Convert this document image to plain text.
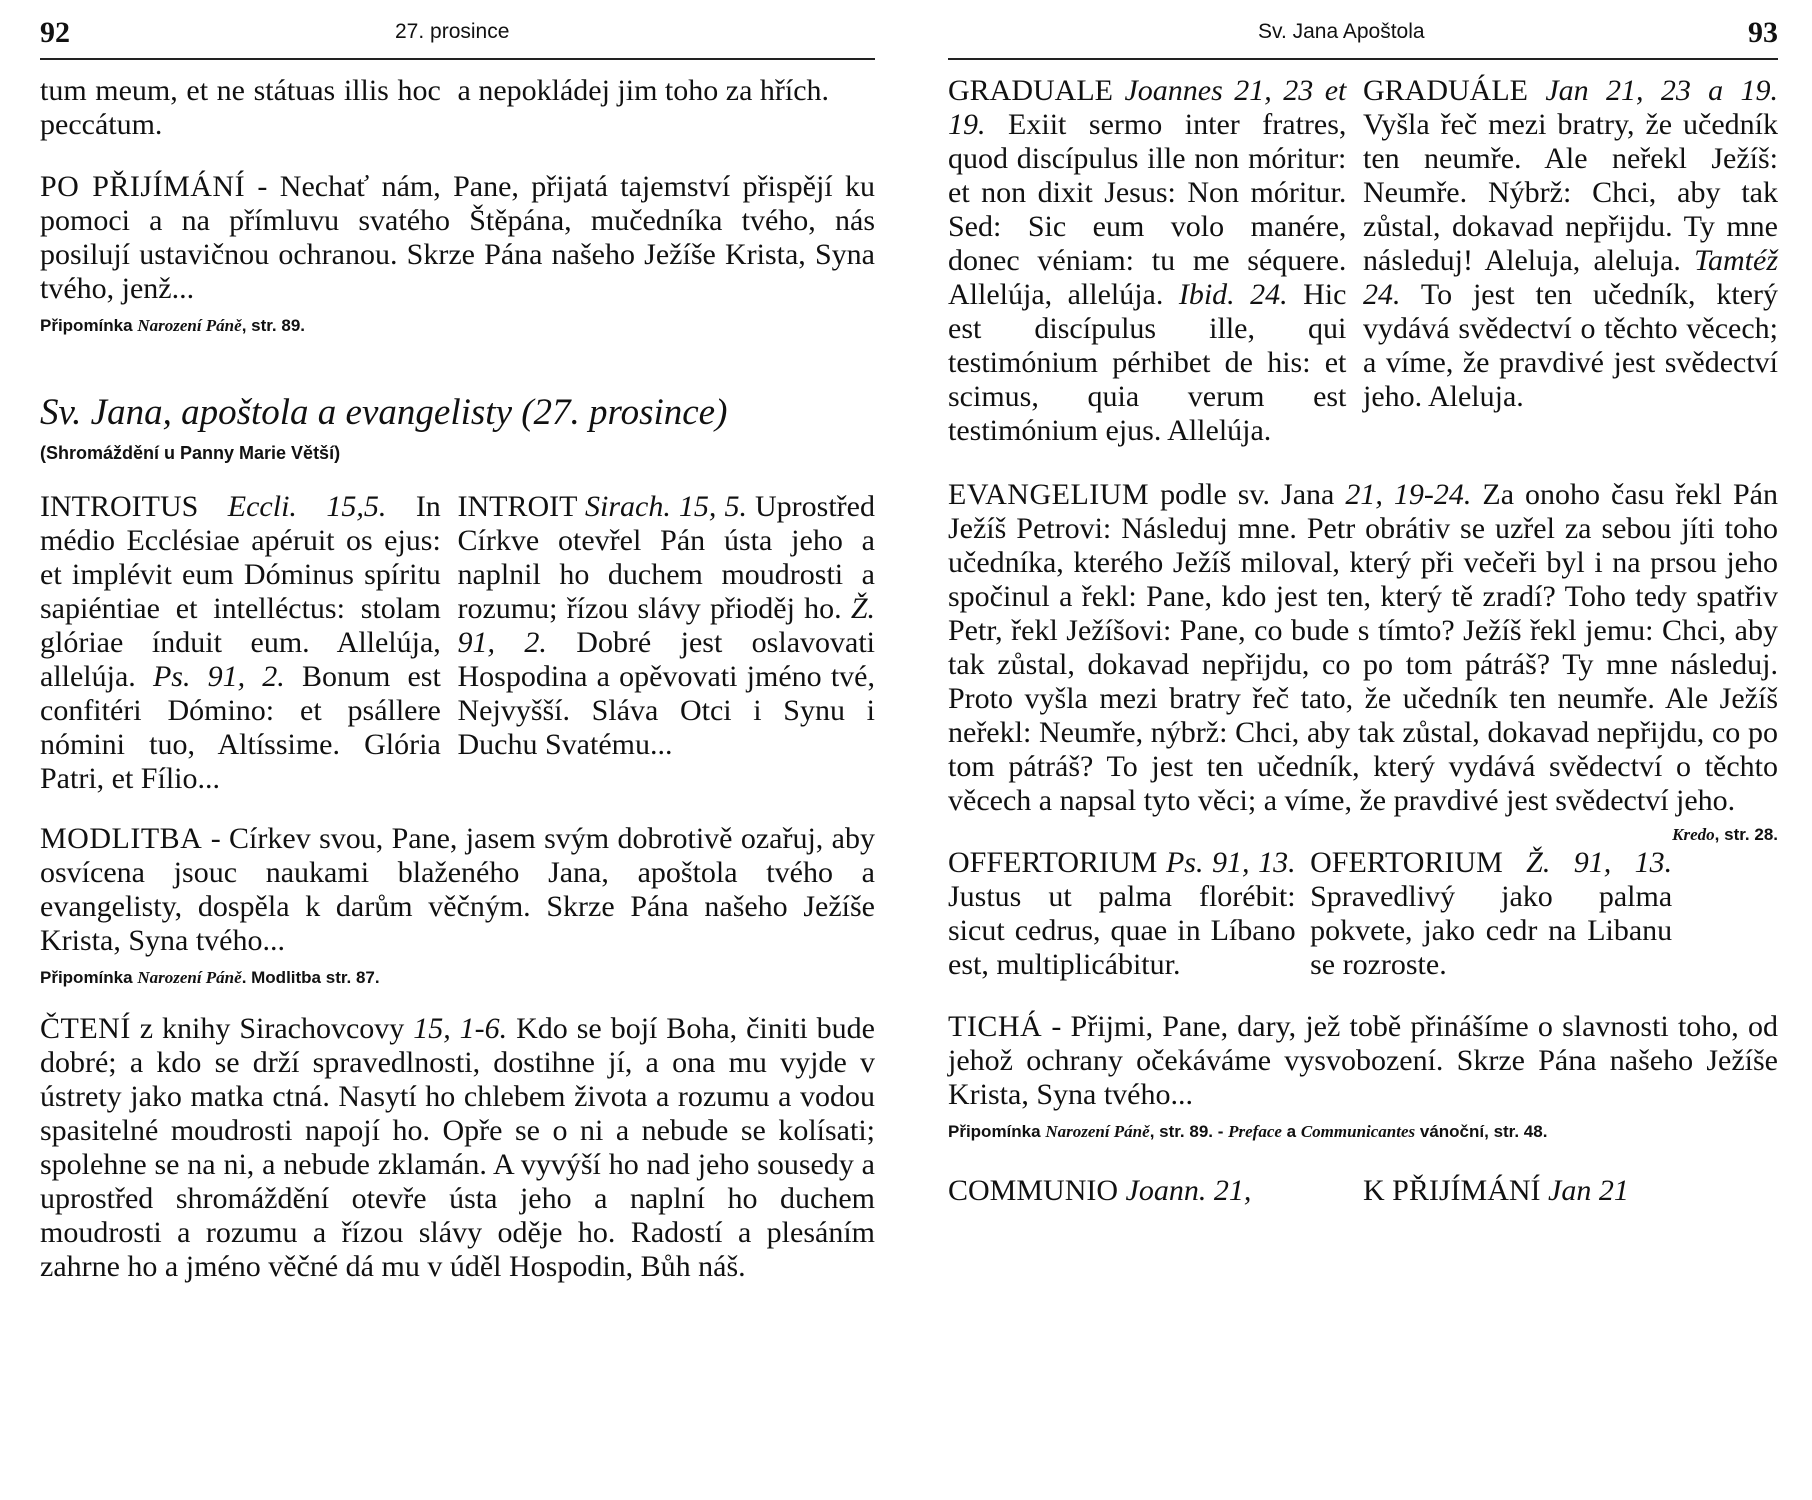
92	27. prosince
tum meum, et ne státuas illis hoc peccátum.
a nepokládej jim toho za hřích.
PO PŘIJÍMÁNÍ - Nechať nám, Pane, přijatá tajemství přispějí ku pomoci a na přímluvu svatého Štěpána, mučedníka tvého, nás posilují ustavičnou ochranou. Skrze Pána našeho Ježíše Krista, Syna tvého, jenž...
Připomínka Narození Páně, str. 89.
Sv. Jana, apoštola a evangelisty (27. prosince)
(Shromáždění u Panny Marie Větší)
INTROITUS Eccli. 15,5. In médio Ecclésiae apéruit os ejus: et implévit eum Dóminus spíritu sapiéntiae et intelléctus: stolam glóriae índuit eum. Allelúja, allelúja. Ps. 91, 2. Bonum est confitéri Dómino: et psállere nómini tuo, Altíssime. Glória Patri, et Fílio...
INTROIT Sirach. 15, 5. Uprostřed Církve otevřel Pán ústa jeho a naplnil ho duchem moudrosti a rozumu; řízou slávy přioděj ho. Ž. 91, 2. Dobré jest oslavovati Hospodina a opěvovati jméno tvé, Nejvyšší. Sláva Otci i Synu i Duchu Svatému...
MODLITBA - Církev svou, Pane, jasem svým dobrotivě ozařuj, aby osvícena jsouc naukami blaženého Jana, apoštola tvého a evangelisty, dospěla k darům věčným. Skrze Pána našeho Ježíše Krista, Syna tvého...
Připomínka Narození Páně. Modlitba str. 87.
ČTENÍ z knihy Sirachovcovy 15, 1-6. Kdo se bojí Boha, činiti bude dobré; a kdo se drží spravedlnosti, dostihne jí, a ona mu vyjde v ústrety jako matka ctná. Nasytí ho chlebem života a rozumu a vodou spasitelné moudrosti napojí ho. Opře se o ni a nebude se kolísati; spolehne se na ni, a nebude zklamán. A vyvýší ho nad jeho sousedy a uprostřed shromáždění otevře ústa jeho a naplní ho duchem moudrosti a rozumu a řízou slávy oděje ho. Radostí a plesáním zahrne ho a jméno věčné dá mu v úděl Hospodin, Bůh náš.
Sv. Jana Apoštola	93
GRADUALE Joannes 21, 23 et 19. Exiit sermo inter fratres, quod discípulus ille non móritur: et non dixit Jesus: Non móritur. Sed: Sic eum volo manére, donec véniam: tu me séquere. Allelúja, allelúja. Ibid. 24. Hic est discípulus ille, qui testimónium pérhibet de his: et scimus, quia verum est testimónium ejus. Allelúja.
GRADUÁLE Jan 21, 23 a 19. Vyšla řeč mezi bratry, že učedník ten neumře. Ale neřekl Ježíš: Neumře. Nýbrž: Chci, aby tak zůstal, dokavad nepřijdu. Ty mne následuj! Aleluja, aleluja. Tamtéž 24. To jest ten učedník, který vydává svědectví o těchto věcech; a víme, že pravdivé jest svědectví jeho. Aleluja.
EVANGELIUM podle sv. Jana 21, 19-24. Za onoho času řekl Pán Ježíš Petrovi: Následuj mne. Petr obrátiv se uzřel za sebou jíti toho učedníka, kterého Ježíš miloval, který při večeři byl i na prsou jeho spočinul a řekl: Pane, kdo jest ten, který tě zradí? Toho tedy spatřiv Petr, řekl Ježíšovi: Pane, co bude s tímto? Ježíš řekl jemu: Chci, aby tak zůstal, dokavad nepřijdu, co po tom pátráš? Ty mne následuj. Proto vyšla mezi bratry řeč tato, že učedník ten neumře. Ale Ježíš neřekl: Neumře, nýbrž: Chci, aby tak zůstal, dokavad nepřijdu, co po tom pátráš? To jest ten učedník, který vydává svědectví o těchto věcech a napsal tyto věci; a víme, že pravdivé jest svědectví jeho.
Kredo, str. 28.
OFFERTORIUM Ps. 91, 13. Justus ut palma florébit: sicut cedrus, quae in Líbano est, multiplicábitur.
OFERTORIUM Ž. 91, 13. Spravedlivý jako palma pokvete, jako cedr na Libanu se rozroste.
TICHÁ - Přijmi, Pane, dary, jež tobě přinášíme o slavnosti toho, od jehož ochrany očekáváme vysvobození. Skrze Pána našeho Ježíše Krista, Syna tvého...
Připomínka Narození Páně, str. 89. - Preface a Communicantes vánoční, str. 48.
COMMUNIO Joann. 21,	K PŘIJÍMÁNÍ Jan 21
